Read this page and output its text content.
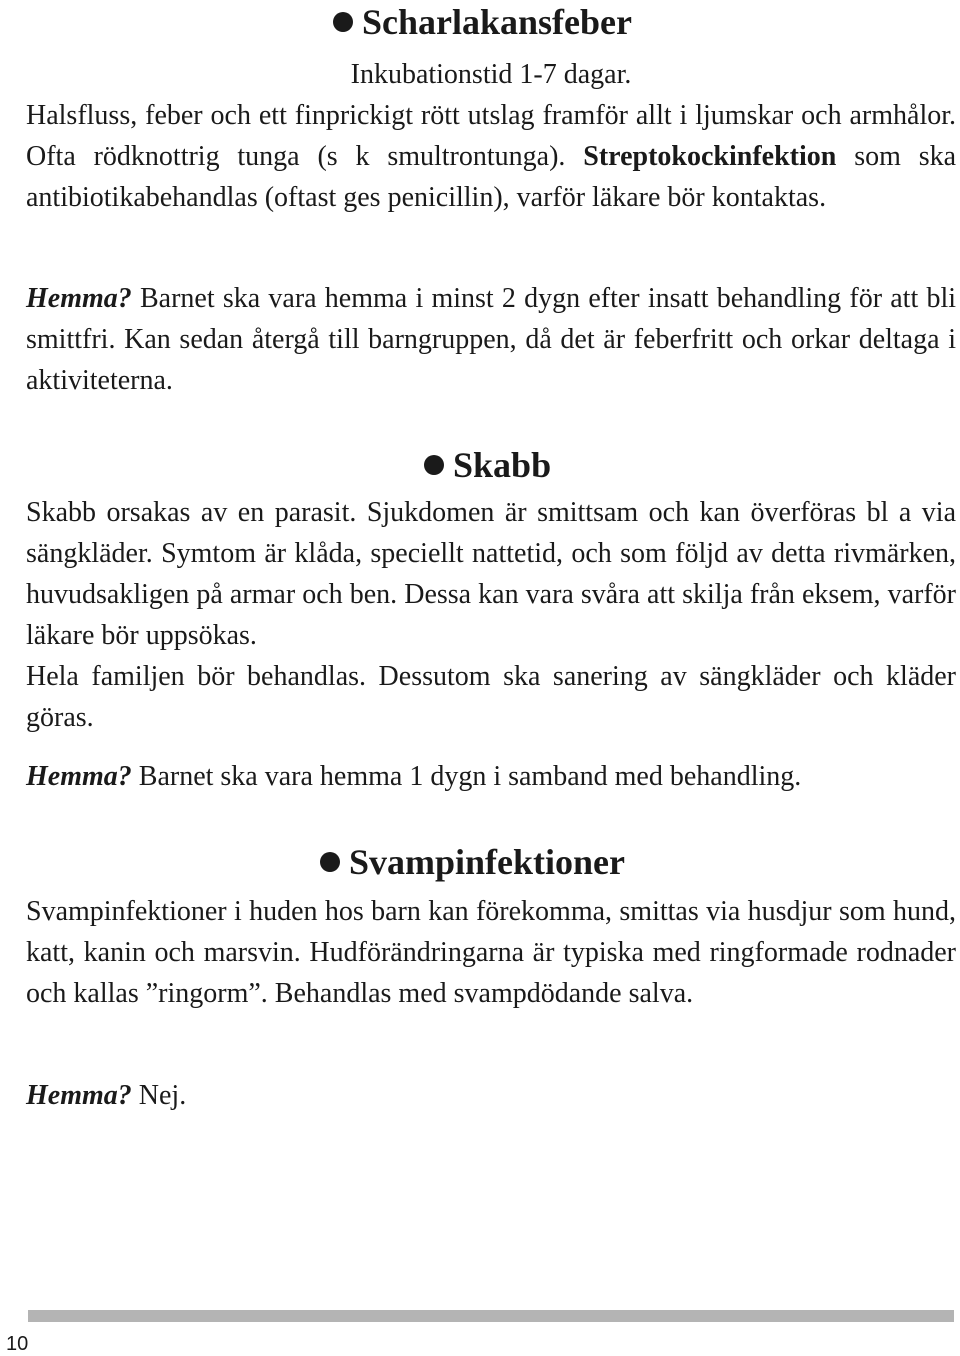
Scharlakansfeber
Inkubationstid 1-7 dagar.
Halsfluss, feber och ett finprickigt rött utslag framför allt i ljumskar och armhålor. Ofta rödknottrig tunga (s k smultrontunga). Streptokockinfektion som ska antibiotikabehandlas (oftast ges penicillin), varför läkare bör kontaktas.
Hemma? Barnet ska vara hemma i minst 2 dygn efter insatt behandling för att bli smittfri. Kan sedan återgå till barngruppen, då det är feberfritt och orkar deltaga i aktiviteterna.
Skabb
Skabb orsakas av en parasit. Sjukdomen är smittsam och kan överföras bl a via sängkläder. Symtom är klåda, speciellt nattetid, och som följd av detta rivmärken, huvudsakligen på armar och ben. Dessa kan vara svåra att skilja från eksem, varför läkare bör uppsökas.
Hela familjen bör behandlas. Dessutom ska sanering av sängkläder och kläder göras.
Hemma? Barnet ska vara hemma 1 dygn i samband med behandling.
Svampinfektioner
Svampinfektioner i huden hos barn kan förekomma, smittas via husdjur som hund, katt, kanin och marsvin. Hudförändringarna är typiska med ringformade rodnader och kallas ”ringorm”. Behandlas med svampdödande salva.
Hemma? Nej.
10
